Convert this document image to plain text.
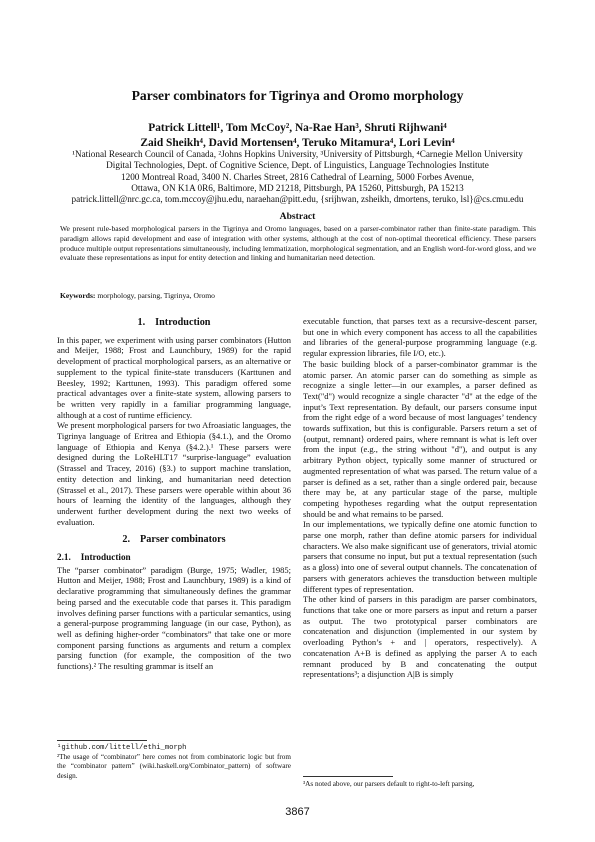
Parser combinators for Tigrinya and Oromo morphology
Patrick Littell¹, Tom McCoy², Na-Rae Han³, Shruti Rijhwani⁴
Zaid Sheikh⁴, David Mortensen⁴, Teruko Mitamura⁴, Lori Levin⁴
¹National Research Council of Canada, ²Johns Hopkins University, ³University of Pittsburgh, ⁴Carnegie Mellon University
Digital Technologies, Dept. of Cognitive Science, Dept. of Linguistics, Language Technologies Institute
1200 Montreal Road, 3400 N. Charles Street, 2816 Cathedral of Learning, 5000 Forbes Avenue,
Ottawa, ON K1A 0R6, Baltimore, MD 21218, Pittsburgh, PA 15260, Pittsburgh, PA 15213
patrick.littell@nrc.gc.ca, tom.mccoy@jhu.edu, naraehan@pitt.edu, {srijhwan, zsheikh, dmortens, teruko, lsl}@cs.cmu.edu
Abstract
We present rule-based morphological parsers in the Tigrinya and Oromo languages, based on a parser-combinator rather than finite-state paradigm. This paradigm allows rapid development and ease of integration with other systems, although at the cost of non-optimal theoretical efficiency. These parsers produce multiple output representations simultaneously, including lemmatization, morphological segmentation, and an English word-for-word gloss, and we evaluate these representations as input for entity detection and linking and humanitarian need detection.
Keywords: morphology, parsing, Tigrinya, Oromo
1. Introduction

In this paper, we experiment with using parser combinators (Hutton and Meijer, 1988; Frost and Launchbury, 1989) for the rapid development of practical morphological parsers, as an alternative or supplement to the typical finite-state transducers (Karttunen and Beesley, 1992; Karttunen, 1993). This paradigm offered some practical advantages over a finite-state system, allowing parsers to be written very rapidly in a familiar programming language, although at a cost of runtime efficiency.

We present morphological parsers for two Afroasiatic languages, the Tigrinya language of Eritrea and Ethiopia (§4.1.), and the Oromo language of Ethiopia and Kenya (§4.2.).¹ These parsers were designed during the LoReHLT17 “surprise-language” evaluation (Strassel and Tracey, 2016) (§3.) to support machine translation, entity detection and linking, and humanitarian need detection (Strassel et al., 2017). These parsers were operable within about 36 hours of learning the identity of the languages, although they underwent further development during the next two weeks of evaluation.

2. Parser combinators
2.1. Introduction

The “parser combinator” paradigm (Burge, 1975; Wadler, 1985; Hutton and Meijer, 1988; Frost and Launchbury, 1989) is a kind of declarative programming that simultaneously defines the grammar being parsed and the executable code that parses it. This paradigm involves defining parser functions with a particular semantics, using a general-purpose programming language (in our case, Python), as well as defining higher-order “combinators” that take one or more component parsing functions as arguments and return a complex parsing function (for example, the composition of the two functions).² The resulting grammar is itself an

executable function, that parses text as a recursive-descent parser, but one in which every component has access to all the capabilities and libraries of the general-purpose programming language (e.g. regular expression libraries, file I/O, etc.).

The basic building block of a parser-combinator grammar is the atomic parser. An atomic parser can do something as simple as recognize a single letter—in our examples, a parser defined as Text("d") would recognize a single character "d" at the edge of the input’s Text representation. By default, our parsers consume input from the right edge of a word because of most languages’ tendency towards suffixation, but this is configurable. Parsers return a set of ⟨output, remnant⟩ ordered pairs, where remnant is what is left over from the input (e.g., the string without "d"), and output is any arbitrary Python object, typically some manner of structured or augmented representation of what was parsed. The return value of a parser is defined as a set, rather than a single ordered pair, because there may be, at any particular stage of the parse, multiple competing hypotheses regarding what the output representation should be and what remains to be parsed.

In our implementations, we typically define one atomic function to parse one morph, rather than define atomic parsers for individual characters. We also make significant use of generators, trivial atomic parsers that consume no input, but put a textual representation (such as a gloss) into one of several output channels. The concatenation of parsers with generators achieves the transduction between multiple different types of representation.

The other kind of parsers in this paradigm are parser combinators, functions that take one or more parsers as input and return a parser as output. The two prototypical parser combinators are concatenation and disjunction (implemented in our system by overloading Python’s + and | operators, respectively). A concatenation A+B is defined as applying the parser A to each remnant produced by B and concatenating the output representations³; a disjunction A|B is simply

¹github.com/littell/ethi_morph
²The usage of “combinator” here comes not from combinatoric logic but from the “combinator pattern” (wiki.haskell.org/Combinator_pattern) of software design.
³As noted above, our parsers default to right-to-left parsing,
3867
